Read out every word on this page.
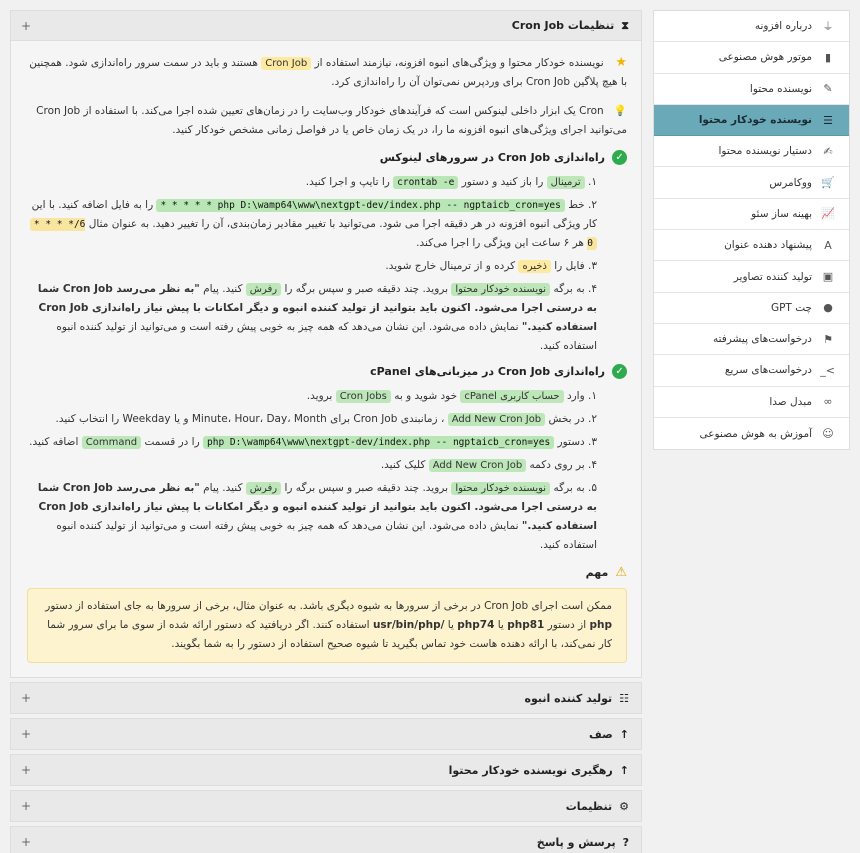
⏚
درباره افزونه
▮
موتور هوش مصنوعی
✎
نویسنده محتوا
☰
نویسنده خودکار محتوا
✍
دستیار نویسنده محتوا
🛒
ووکامرس
📈
بهینه ساز سئو
A
پیشنهاد دهنده عنوان
▣
تولید کننده تصاویر
●
چت GPT
⚑
درخواست‌های پیشرفته
>_
درخواست‌های سریع
∞
مبدل صدا
☺
آموزش به هوش مصنوعی
⧗
تنظیمات Cron Job
+

★ نویسنده خودکار محتوا و ویژگی‌های انبوه افزونه، نیازمند استفاده از Cron Job هستند و باید در سمت سرور راه‌اندازی شود. همچنین با هیچ پلاگین Cron Job برای وردپرس نمی‌توان آن را راه‌اندازی کرد.

💡 Cron یک ابزار داخلی لینوکس است که فرآیندهای خودکار وب‌سایت را در زمان‌های تعیین شده اجرا می‌کند. با استفاده از Cron Job می‌توانید اجرای ویژگی‌های انبوه افزونه ما را، در یک زمان خاص یا در فواصل زمانی مشخص خودکار کنید.

✓
راه‌اندازی Cron Job در سرورهای لینوکس
۱. ترمینال را باز کنید و دستور crontab -e را تایپ و اجرا کنید.
۲. خط * * * * * php D:\wamp64\www\nextgpt-dev/index.php -- ngptaicb_cron=yes را به فایل اضافه کنید. با این کار ویژگی انبوه افزونه در هر دقیقه اجرا می شود. می‌توانید با تغییر مقادیر زمان‌بندی، آن را تغییر دهید. به عنوان مثال * * * */6 0 هر ۶ ساعت این ویژگی را اجرا می‌کند.
۳. فایل را ذخیره کرده و از ترمینال خارج شوید.
۴. به برگه نویسنده خودکار محتوا بروید. چند دقیقه صبر و سپس برگه را رفرش کنید. پیام "به نظر می‌رسد Cron Job شما به درستی اجرا می‌شود. اکنون باید بتوانید از تولید کننده انبوه و دیگر امکانات با پیش نیاز راه‌اندازی Cron Job استفاده کنید." نمایش داده می‌شود. این نشان می‌دهد که همه چیز به خوبی پیش رفته است و می‌توانید از تولید کننده انبوه استفاده کنید.
✓
راه‌اندازی Cron Job در میزبانی‌های cPanel
۱. وارد حساب کاربری cPanel خود شوید و به Cron Jobs بروید.
۲. در بخش Add New Cron Job ، زمانبندی Cron Job برای Minute، Hour، Day، Month و یا Weekday را انتخاب کنید.
۳. دستور php D:\wamp64\www\nextgpt-dev/index.php -- ngptaicb_cron=yes را در قسمت Command اضافه کنید.
۴. بر روی دکمه Add New Cron Job کلیک کنید.
۵. به برگه نویسنده خودکار محتوا بروید. چند دقیقه صبر و سپس برگه را رفرش کنید. پیام "به نظر می‌رسد Cron Job شما به درستی اجرا می‌شود. اکنون باید بتوانید از تولید کننده انبوه و دیگر امکانات با پیش نیاز راه‌اندازی Cron Job استفاده کنید." نمایش داده می‌شود. این نشان می‌دهد که همه چیز به خوبی پیش رفته است و می‌توانید از تولید کننده انبوه استفاده کنید.
⚠
مهم
ممکن است اجرای Cron Job در برخی از سرورها به شیوه دیگری باشد. به عنوان مثال، برخی از سرورها به جای استفاده از دستور php از دستور php81 یا php74 یا /usr/bin/php استفاده کنند. اگر دریافتید که دستور ارائه شده از سوی ما برای سرور شما کار نمی‌کند، با ارائه دهنده هاست خود تماس بگیرید تا شیوه صحیح استفاده از دستور را به شما بگویند.
☷
تولید کننده انبوه
+
↑
صف
+
↑
رهگیری نویسنده خودکار محتوا
+
⚙
تنظیمات
+
?
پرسش و پاسخ
+
